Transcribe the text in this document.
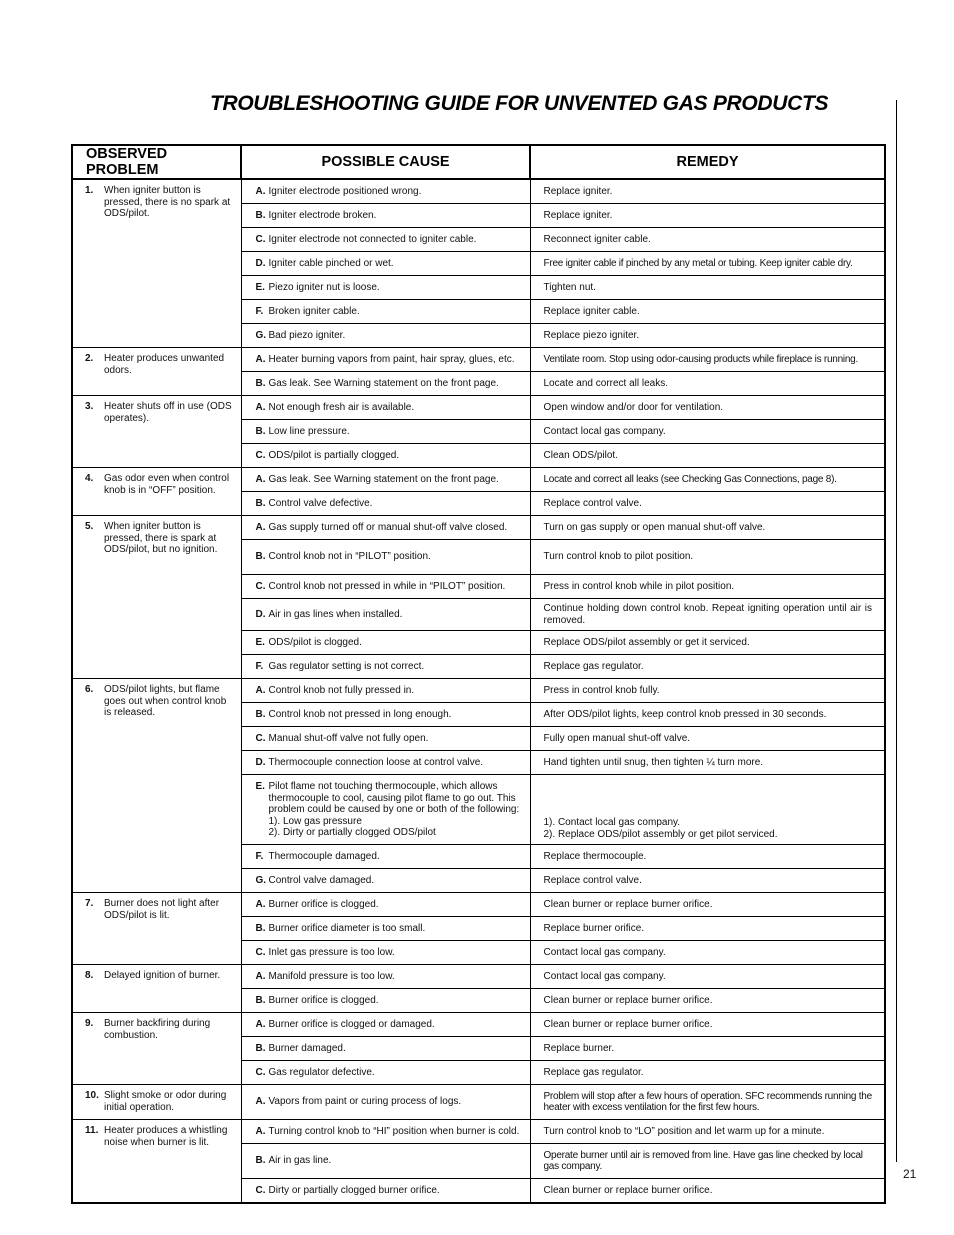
TROUBLESHOOTING GUIDE FOR UNVENTED GAS PRODUCTS
21
OBSERVED PROBLEM	POSSIBLE CAUSE	REMEDY

1. When igniter button is pressed, there is no spark at ODS/pilot.	A. Igniter electrode positioned wrong.	Replace igniter.

	B. Igniter electrode broken.	Replace igniter.

	C. Igniter electrode not connected to igniter cable.	Reconnect igniter cable.

	D. Igniter cable pinched or wet.	Free igniter cable if pinched by any metal or tubing. Keep igniter cable dry.

	E. Piezo igniter nut is loose.	Tighten nut.

	F. Broken igniter cable.	Replace igniter cable.

	G. Bad piezo igniter.	Replace piezo igniter.

2. Heater produces unwanted odors.	A. Heater burning vapors from paint, hair spray, glues, etc.	Ventilate room. Stop using odor-causing products while fireplace is running.

	B. Gas leak. See Warning statement on the front page.	Locate and correct all leaks.

3. Heater shuts off in use (ODS operates).	A. Not enough fresh air is available.	Open window and/or door for ventilation.

	B. Low line pressure.	Contact local gas company.

	C. ODS/pilot is partially clogged.	Clean ODS/pilot.

4. Gas odor even when control knob is in “OFF” position.	A. Gas leak. See Warning statement on the front page.	Locate and correct all leaks (see Checking Gas Connections, page 8).

	B. Control valve defective.	Replace control valve.

5. When igniter button is pressed, there is spark at ODS/pilot, but no ignition.	A. Gas supply turned off or manual shut-off valve closed.	Turn on gas supply or open manual shut-off valve.

	B. Control knob not in “PILOT” position.	Turn control knob to pilot position.

	C. Control knob not pressed in while in “PILOT” position.	Press in control knob while in pilot position.

	D. Air in gas lines when installed.	Continue holding down control knob. Repeat igniting operation until air is removed.

	E. ODS/pilot is clogged.	Replace ODS/pilot assembly or get it serviced.

	F. Gas regulator setting is not correct.	Replace gas regulator.

6. ODS/pilot lights, but flame goes out when control knob is released.	A. Control knob not fully pressed in.	Press in control knob fully.

	B. Control knob not pressed in long enough.	After ODS/pilot lights, keep control knob pressed in 30 seconds.

	C. Manual shut-off valve not fully open.	Fully open manual shut-off valve.

	D. Thermocouple connection loose at control valve.	Hand tighten until snug, then tighten ¼ turn more.

	E. Pilot flame not touching thermocouple, which allows thermocouple to cool, causing pilot flame to go out. This problem could be caused by one or both of the following:
1). Low gas pressure
2). Dirty or partially clogged ODS/pilot	1). Contact local gas company.
2). Replace ODS/pilot assembly or get pilot serviced.

	F. Thermocouple damaged.	Replace thermocouple.

	G. Control valve damaged.	Replace control valve.

7. Burner does not light after ODS/pilot is lit.	A. Burner orifice is clogged.	Clean burner or replace burner orifice.

	B. Burner orifice diameter is too small.	Replace burner orifice.

	C. Inlet gas pressure is too low.	Contact local gas company.

8. Delayed ignition of burner.	A. Manifold pressure is too low.	Contact local gas company.

	B. Burner orifice is clogged.	Clean burner or replace burner orifice.

9. Burner backfiring during combustion.	A. Burner orifice is clogged or damaged.	Clean burner or replace burner orifice.

	B. Burner damaged.	Replace burner.

	C. Gas regulator defective.	Replace gas regulator.

10. Slight smoke or odor during initial operation.	A. Vapors from paint or curing process of logs.	Problem will stop after a few hours of operation. SFC recommends running the heater with excess ventilation for the first few hours.

11. Heater produces a whistling noise when burner is lit.	A. Turning control knob to “HI” position when burner is cold.	Turn control knob to “LO” position and let warm up for a minute.

	B. Air in gas line.	Operate burner until air is removed from line. Have gas line checked by local gas company.

	C. Dirty or partially clogged burner orifice.	Clean burner or replace burner orifice.
